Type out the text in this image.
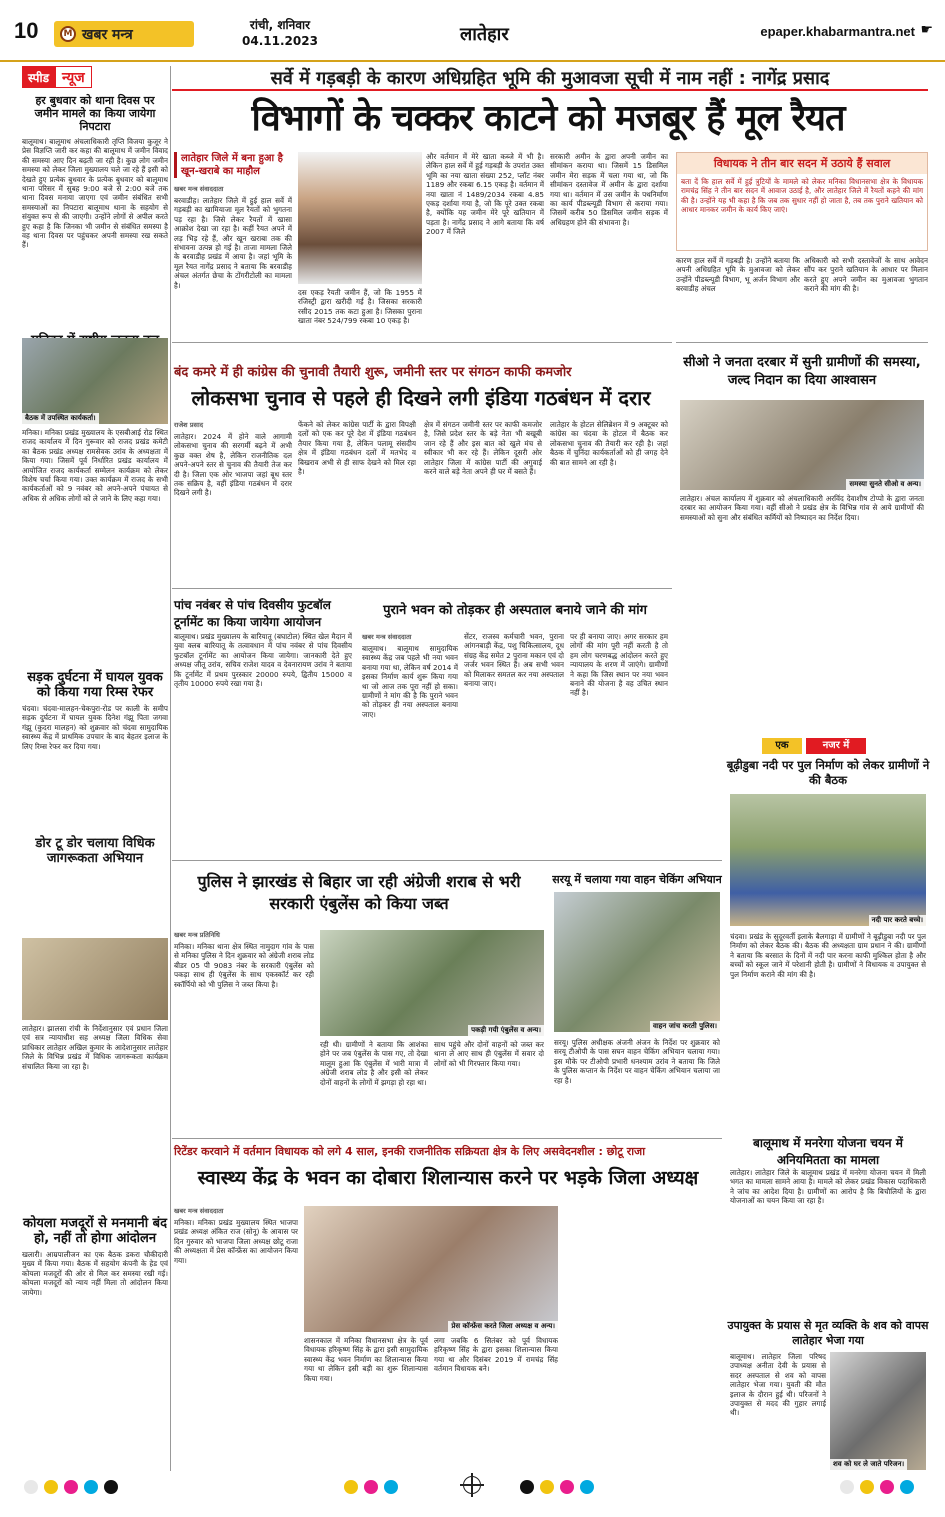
10	M खबर मन्त्र
रांची, शनिवार
04.11.2023	लातेहार	epaper.khabarmantra.net ☛
स्पीड न्यूज
हर बुधवार को थाना दिवस पर जमीन मामले का किया जायेगा निपटारा
बालूमाथ। बालूमाथ अंचलाधिकारी तृप्ति विजया कुजूर ने प्रेस विज्ञप्ति जारी कर कहा की बालूमाथ में जमीन विवाद की समस्या आए दिन बढ़ती जा रही है। कुछ लोग जमीन समस्या को लेकर जिला मुख्यालय चले जा रहे हैं इसी को देखते हुए प्रत्येक बुधवार के प्रत्येक बुधवार को बालूमाथ थाना परिसर में सुबह 9:00 बजे से 2:00 बजे तक थाना दिवस मनाया जाएगा एवं जमीन संबंधित सभी समस्याओं का निपटारा बालूमाथ थाना के सहयोग से संयुक्त रूप से की जाएगी। उन्होंने लोगों से अपील करते हुए कहा है कि जिनका भी जमीन से संबंधित समस्या है वह थाना दिवस पर पहुंचकर अपनी समस्या रख सकते हैं।
बैठक में उपस्थित कार्यकर्ता।
मनिका। मनिका प्रखंड मुख्यालय के एसबीआई रोड स्थित राजद कार्यालय में दिन गुरूवार को राजद प्रखंड कमेटी का बैठक प्रखंड अध्यक्ष रामसेवक उरांव के अध्यक्षता में किया गया। जिसमें पूर्व निर्धारित प्रखंड कार्यालय में आयोजित राजद कार्यकर्ता सम्मेलन कार्यक्रम को लेकर विशेष चर्चा किया गया। उक्त कार्यक्रम में राजद के सभी कार्यकर्ताओं को 9 नवंबर को अपने-अपने पंचायत से अधिक से अधिक लोगों को ले जाने के लिए कहा गया।
सड़क दुर्घटना में घायल युवक को किया गया रिम्स रेफर
चंदवा। चंदवा-मालहन-चेकपुरा-रोड पर काली के समीप सड़क दुर्घटना में घायल युवक दिनेश गंझू पिता जगवा गंझू (कुदरा मालहन) को शुक्रवार को चंदवा सामुदायिक स्वास्थ्य केंद्र में प्राथमिक उपचार के बाद बेहतर इलाज के लिए रिम्स रेफर कर दिया गया।
डोर टू डोर चलाया विधिक जागरूकता अभियान
लातेहार। झालसा रांची के निर्देशानुसार एवं प्रधान जिला एवं सत्र न्यायाधीश सह अध्यक्ष जिला विधिक सेवा प्राधिकार लातेहार अखिल कुमार के आदेशानुसार लातेहार जिले के विभिन्न प्रखंड में विधिक जागरूकता कार्यक्रम संचालित किया जा रहा है।
कोयला मजदूरों से मनमानी बंद हो, नहीं तो होगा आंदोलन
खलारी। आम्रपालीजन का एक बैठक डकरा चौकीदारी मुख्य में किया गया। बैठक में सहयोग कंपनी के हेड एवं कोयला मजदूरों की ओर से मिल कर समस्या रखी गई। कोयला मजदूरों को न्याय नहीं मिला तो आंदोलन किया जायेगा।
सर्वे में गड़बड़ी के कारण अधिग्रहित भूमि की मुआवजा सूची में नाम नहीं : नागेंद्र प्रसाद
विभागों के चक्कर काटने को मजबूर हैं मूल रैयत
लातेहार जिले में बना हुआ है खून-खराबे का माहौल
खबर मन्त्र संवाददाता
बरवाडीह। लातेहार जिले में हुई हाल सर्वे में गड़बड़ी का खामियाजा मूल रैयतों को भुगतना पड़ रहा है। जिसे लेकर रैयतों में खासा आक्रोश देखा जा रहा है। कहीं रैयत अपने में लड़ भिड़ रहे हैं, और खून खराबा तक की संभावना उत्पन्न हो गई है। ताजा मामला जिले के बरवाडीह प्रखंड में आया है। जहां भूमि के मूल रैयत नागेंद्र प्रसाद ने बताया कि बरवाडीह अंचल अंतर्गत छेचा के टोंगरीटोली का मामला है।
दस एकड़ रैयती जमीन हैं, जो कि 1955 में रजिस्ट्री द्वारा खरीदी गई है। जिसका सरकारी रसीद 2015 तक कटा हुआ है। जिसका पुराना खाता नंबर 524/799 रकबा 10 एकड़ है।
और वर्तमान में मेरे खाता कब्जे में भी है। लेकिन हाल सर्वे में हुई गड़बड़ी के उपरांत उक्त भूमि का नया खाता संख्या 252, प्लॉट नंबर 1189 और रकबा 6.15 एकड़ है। वर्तमान में नया खाता नं 1489/2034 रकबा 4.85 एकड़ दर्शाया गया है, जो कि पूरे उक्त रकबा है, क्योंकि यह जमीन मेरे पूरे खतियान में पड़ता है। नागेंद्र प्रसाद ने आगे बताया कि वर्ष 2007 में जिले
सरकारी अमीन के द्वारा अपनी जमीन का सीमांकन कराया था। जिसमें 15 डिसमिल जमीन मेरा सड़क में चला गया था, जो कि सीमांकन दस्तावेज में अमीन के द्वारा दर्शाया गया था। वर्तमान में उस जमीन के पथनिर्माण का कार्य पीडब्ल्यूडी विभाग से कराया गया। जिसमें करीब 50 डिसमिल जमीन सड़क में अधिग्रहण होने की संभावना है।
विधायक ने तीन बार सदन में उठाये हैं सवाल
बता दें कि हाल सर्वे में हुई त्रुटियों के मामले को लेकर मनिका विधानसभा क्षेत्र के विधायक रामचंद्र सिंह ने तीन बार सदन में आवाज उठाई है, और लातेहार जिले में रैयतों कहने की मांग की है। उन्होंने यह भी कहा है कि जब तक सुधार नहीं हो जाता है, तब तक पुराने खतियान को आधार मानकर जमीन के कार्य किए जाएं।
कारण हाल सर्वे में गड़बड़ी है। उन्होंने बताया कि अपनी अधिग्रहित भूमि के मुआवजा को लेकर उन्होंने पीडब्ल्यूडी विभाग, भू अर्जन विभाग और बरवाडीह अंचल
अधिकारी को सभी दस्तावेजों के साथ आवेदन सौंप कर पुराने खतियान के आधार पर मिलान करते हुए अपने जमीन का मुआवजा भुगतान कराने की मांग की है।
बंद कमरे में ही कांग्रेस की चुनावी तैयारी शुरू, जमीनी स्तर पर संगठन काफी कमजोर
लोकसभा चुनाव से पहले ही दिखने लगी इंडिया गठबंधन में दरार
राजेश प्रसाद
लातेहार। 2024 में होने वाले आगामी लोकसभा चुनाव की सरगर्मी बढ़ने में अभी कुछ वक्त शेष है, लेकिन राजनीतिक दल अपने-अपने स्तर से चुनाव की तैयारी तेज कर दी है। जिला एक ओर भाजपा जहां बूथ स्तर तक सक्रिय है, वहीं इंडिया गठबंधन में दरार दिखने लगी है।
फेंकने को लेकर कांग्रेस पार्टी के द्वारा विपक्षी दलों को एक कर पूरे देश में इंडिया गठबंधन तैयार किया गया है, लेकिन पलामू संसदीय क्षेत्र में इंडिया गठबंधन दलों में मतभेद व बिखराव अभी से ही साफ देखने को मिल रहा है।
क्षेत्र में संगठन जमीनी स्तर पर काफी कमजोर है, जिसे प्रदेश स्तर के बड़े नेता भी बखूबी जान रहे हैं और इस बात को खुले मंच से स्वीकार भी कर रहे हैं। लेकिन दूसरी ओर लातेहार जिला में कांग्रेस पार्टी की अगुवाई करने वाले बड़े नेता अपने ही घर में बसते हैं।
लातेहार के होटल सेलिब्रेशन में 9 अक्टूबर को कांग्रेस का चंदवा के होटल में बैठक कर लोकसभा चुनाव की तैयारी कर रही है। जहां बैठक में चुनिंदा कार्यकर्ताओं को ही जगह देने की बात सामने आ रही है।
सीओ ने जनता दरबार में सुनी ग्रामीणों की समस्या, जल्द निदान का दिया आश्वासन
समस्या सुनते सीओ व अन्य।
लातेहार। अंचल कार्यालय में शुक्रवार को अंचलाधिकारी अरविंद देवाशीष टोप्पो के द्वारा जनता दरबार का आयोजन किया गया। वहीं सीओ ने प्रखंड क्षेत्र के विभिन्न गांव से आये ग्रामीणों की समस्याओं को सुना और संबंधित कर्मियों को निष्पादन का निर्देश दिया।
पांच नवंबर से पांच दिवसीय फुटबॉल टूर्नामेंट का किया जायेगा आयोजन
बालूमाथ। प्रखंड मुख्यालय के बारियातू (बघाटोल) स्थित खेल मैदान में युवा क्लब बारियातू के तत्वावधान में पांच नवंबर से पांच दिवसीय फुटबॉल टूर्नामेंट का आयोजन किया जायेगा। जानकारी देते हुए अध्यक्ष जीतू उरांव, सचिव राजेश यादव व देवनारायण उरांव ने बताया कि टूर्नामेंट में प्रथम पुरस्कार 20000 रुपये, द्वितीय 15000 व तृतीय 10000 रुपये रखा गया है।
पुराने भवन को तोड़कर ही अस्पताल बनाये जाने की मांग
खबर मन्त्र संवाददाता
बालूमाथ। बालूमाथ सामुदायिक स्वास्थ्य केंद्र जब पहले भी नया भवन बनाया गया था, लेकिन वर्ष 2014 में इसका निर्माण कार्य शुरू किया गया था जो आज तक पूरा नहीं हो सका। ग्रामीणों ने मांग की है कि पुराने भवन को तोड़कर ही नया अस्पताल बनाया जाए।
सेंटर, राजस्व कर्मचारी भवन, पुराना आंगनबाड़ी केंद्र, पशु चिकित्सालय, दूध संग्रह केंद्र समेत 2 पुराना मकान एवं दो जर्जर भवन स्थित हैं। अब सभी भवन को मिलाकर समतल कर नया अस्पताल बनाया जाए।
पर ही बनाया जाए। अगर सरकार हम लोगों की मांग पूरी नहीं करती है तो हम लोग चरणबद्ध आंदोलन करते हुए न्यायालय के शरण में जाएंगे। ग्रामीणों ने कहा कि जिस स्थान पर नया भवन बनाने की योजना है वह उचित स्थान नहीं है।
एक	नजर में
बूढ़ीडुबा नदी पर पुल निर्माण को लेकर ग्रामीणों ने की बैठक
नदी पार करते बच्चे।
चंदवा। प्रखंड के सुदूरवर्ती इलाके बैलगाड़ा में ग्रामीणों ने बूढ़ीडुबा नदी पर पुल निर्माण को लेकर बैठक की। बैठक की अध्यक्षता ग्राम प्रधान ने की। ग्रामीणों ने बताया कि बरसात के दिनों में नदी पार करना काफी मुश्किल होता है और बच्चों को स्कूल जाने में परेशानी होती है। ग्रामीणों ने विधायक व उपायुक्त से पुल निर्माण कराने की मांग की है।
बालूमाथ में मनरेगा योजना चयन में अनियमितता का मामला
लातेहार। लातेहार जिले के बालूमाथ प्रखंड में मनरेगा योजना चयन में मिली भगत का मामला सामने आया है। मामले को लेकर प्रखंड विकास पदाधिकारी ने जांच का आदेश दिया है। ग्रामीणों का आरोप है कि बिचौलियों के द्वारा योजनाओं का चयन किया जा रहा है।
पुलिस ने झारखंड से बिहार जा रही अंग्रेजी शराब से भरी सरकारी एंबुलेंस को किया जब्त
खबर मन्त्र प्रतिनिधि
मनिका। मनिका थाना क्षेत्र स्थित नामुदाग गांव के पास से मनिका पुलिस ने दिन शुक्रवार को अंग्रेजी शराब लोड बीडर 05 पी 9083 नंबर के सरकारी एंबुलेंस को पकड़ा साथ ही एंबुलेंस के साथ एकस्कॉर्ट कर रही स्कॉर्पियो को भी पुलिस ने जब्त किया है।
पकड़ी गयी एंबुलेंस व अन्य।
रही थी। ग्रामीणों ने बताया कि आशंका होने पर जब एंबुलेंस के पास गए, तो देखा मालूम हुआ कि एंबुलेंस में भारी मात्रा में अंग्रेजी शराब लोड है और इसी को लेकर दोनों वाहनों के लोगों में झगड़ा हो रहा था।
साथ पहुंचे और दोनों वाहनों को जब्त कर थाना ले आए साथ ही एंबुलेंस में सवार दो लोगों को भी गिरफ्तार किया गया।
सरयू में चलाया गया वाहन चेकिंग अभियान
वाहन जांच करती पुलिस।
सरयू। पुलिस अधीक्षक अंजनी अंजन के निर्देश पर शुक्रवार को सरयू टीओपी के पास सघन वाहन चेकिंग अभियान चलाया गया। इस मौके पर टीओपी प्रभारी धनश्याम उरांव ने बताया कि जिले के पुलिस कप्तान के निर्देश पर वाहन चेकिंग अभियान चलाया जा रहा है।
रिटेंडर करवाने में वर्तमान विधायक को लगे 4 साल, इनकी राजनीतिक सक्रियता क्षेत्र के लिए असवेदनशील : छोटू राजा
स्वास्थ्य केंद्र के भवन का दोबारा शिलान्यास करने पर भड़के जिला अध्यक्ष
खबर मन्त्र संवाददाता
मनिका। मनिका प्रखंड मुख्यालय स्थित भाजपा प्रखंड अध्यक्ष अंकित राज (सोनू) के आवास पर दिन गुरुवार को भाजपा जिला अध्यक्ष छोटू राजा की अध्यक्षता में प्रेस कॉन्फ्रेंस का आयोजन किया गया।
प्रेस कॉन्फ्रेंस करते जिला अध्यक्ष व अन्य।
शासनकाल में मनिका विधानसभा क्षेत्र के पूर्व विधायक हरिकृष्ण सिंह के द्वारा इसी सामुदायिक स्वास्थ्य केंद्र भवन निर्माण का शिलान्यास किया गया था लेकिन इसी बड़ी का शुरू शिलान्यास किया गया।
लगा जबकि 6 सितंबर को पूर्व विधायक हरिकृष्ण सिंह के द्वारा इसका शिलान्यास किया गया था और दिसंबर 2019 में रामचंद्र सिंह वर्तमान विधायक बने।
उपायुक्त के प्रयास से मृत व्यक्ति के शव को वापस लातेहार भेजा गया
बालूमाथ। लातेहार जिला परिषद उपाध्यक्ष अनीता देवी के प्रयास से सदर अस्पताल से शव को वापस लातेहार भेजा गया। युवती की मौत इलाज के दौरान हुई थी। परिजनों ने उपायुक्त से मदद की गुहार लगाई थी।
शव को घर ले जाते परिजन।
